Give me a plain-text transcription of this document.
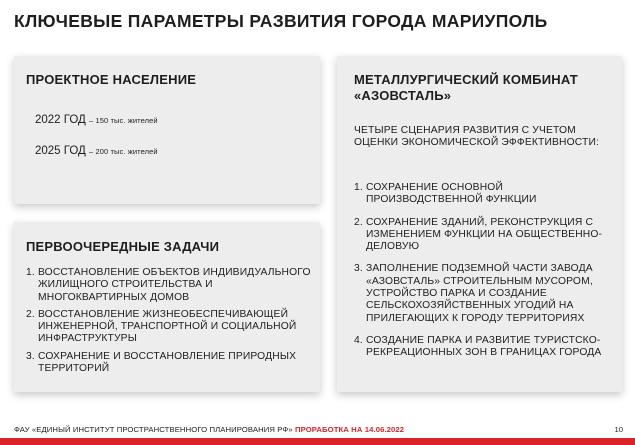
КЛЮЧЕВЫЕ ПАРАМЕТРЫ РАЗВИТИЯ ГОРОДА МАРИУПОЛЬ
ПРОЕКТНОЕ НАСЕЛЕНИЕ
2022 ГОД – 150 тыс. жителей
2025 ГОД – 200 тыс. жителей
ПЕРВООЧЕРЕДНЫЕ ЗАДАЧИ
1. ВОССТАНОВЛЕНИЕ ОБЪЕКТОВ ИНДИВИДУАЛЬНОГО ЖИЛИЩНОГО СТРОИТЕЛЬСТВА И МНОГОКВАРТИРНЫХ ДОМОВ
2. ВОССТАНОВЛЕНИЕ ЖИЗНЕОБЕСПЕЧИВАЮЩЕЙ ИНЖЕНЕРНОЙ, ТРАНСПОРТНОЙ И СОЦИАЛЬНОЙ ИНФРАСТРУКТУРЫ
3. СОХРАНЕНИЕ И ВОССТАНОВЛЕНИЕ ПРИРОДНЫХ ТЕРРИТОРИЙ
МЕТАЛЛУРГИЧЕСКИЙ КОМБИНАТ
«АЗОВСТАЛЬ»

ЧЕТЫРЕ СЦЕНАРИЯ РАЗВИТИЯ С УЧЕТОМ ОЦЕНКИ ЭКОНОМИЧЕСКОЙ ЭФФЕКТИВНОСТИ:

1. СОХРАНЕНИЕ ОСНОВНОЙ ПРОИЗВОДСТВЕННОЙ ФУНКЦИИ
2. СОХРАНЕНИЕ ЗДАНИЙ, РЕКОНСТРУКЦИЯ С ИЗМЕНЕНИЕМ ФУНКЦИИ НА ОБЩЕСТВЕННО-ДЕЛОВУЮ
3. ЗАПОЛНЕНИЕ ПОДЗЕМНОЙ ЧАСТИ ЗАВОДА «АЗОВСТАЛЬ» СТРОИТЕЛЬНЫМ МУСОРОМ, УСТРОЙСТВО ПАРКА И СОЗДАНИЕ СЕЛЬСКОХОЗЯЙСТВЕННЫХ УГОДИЙ НА ПРИЛЕГАЮЩИХ К ГОРОДУ ТЕРРИТОРИЯХ
4. СОЗДАНИЕ ПАРКА И РАЗВИТИЕ ТУРИСТСКО-РЕКРЕАЦИОННЫХ ЗОН В ГРАНИЦАХ ГОРОДА
ФАУ «ЕДИНЫЙ ИНСТИТУТ ПРОСТРАНСТВЕННОГО ПЛАНИРОВАНИЯ РФ» ПРОРАБОТКА НА 14.06.2022	10
